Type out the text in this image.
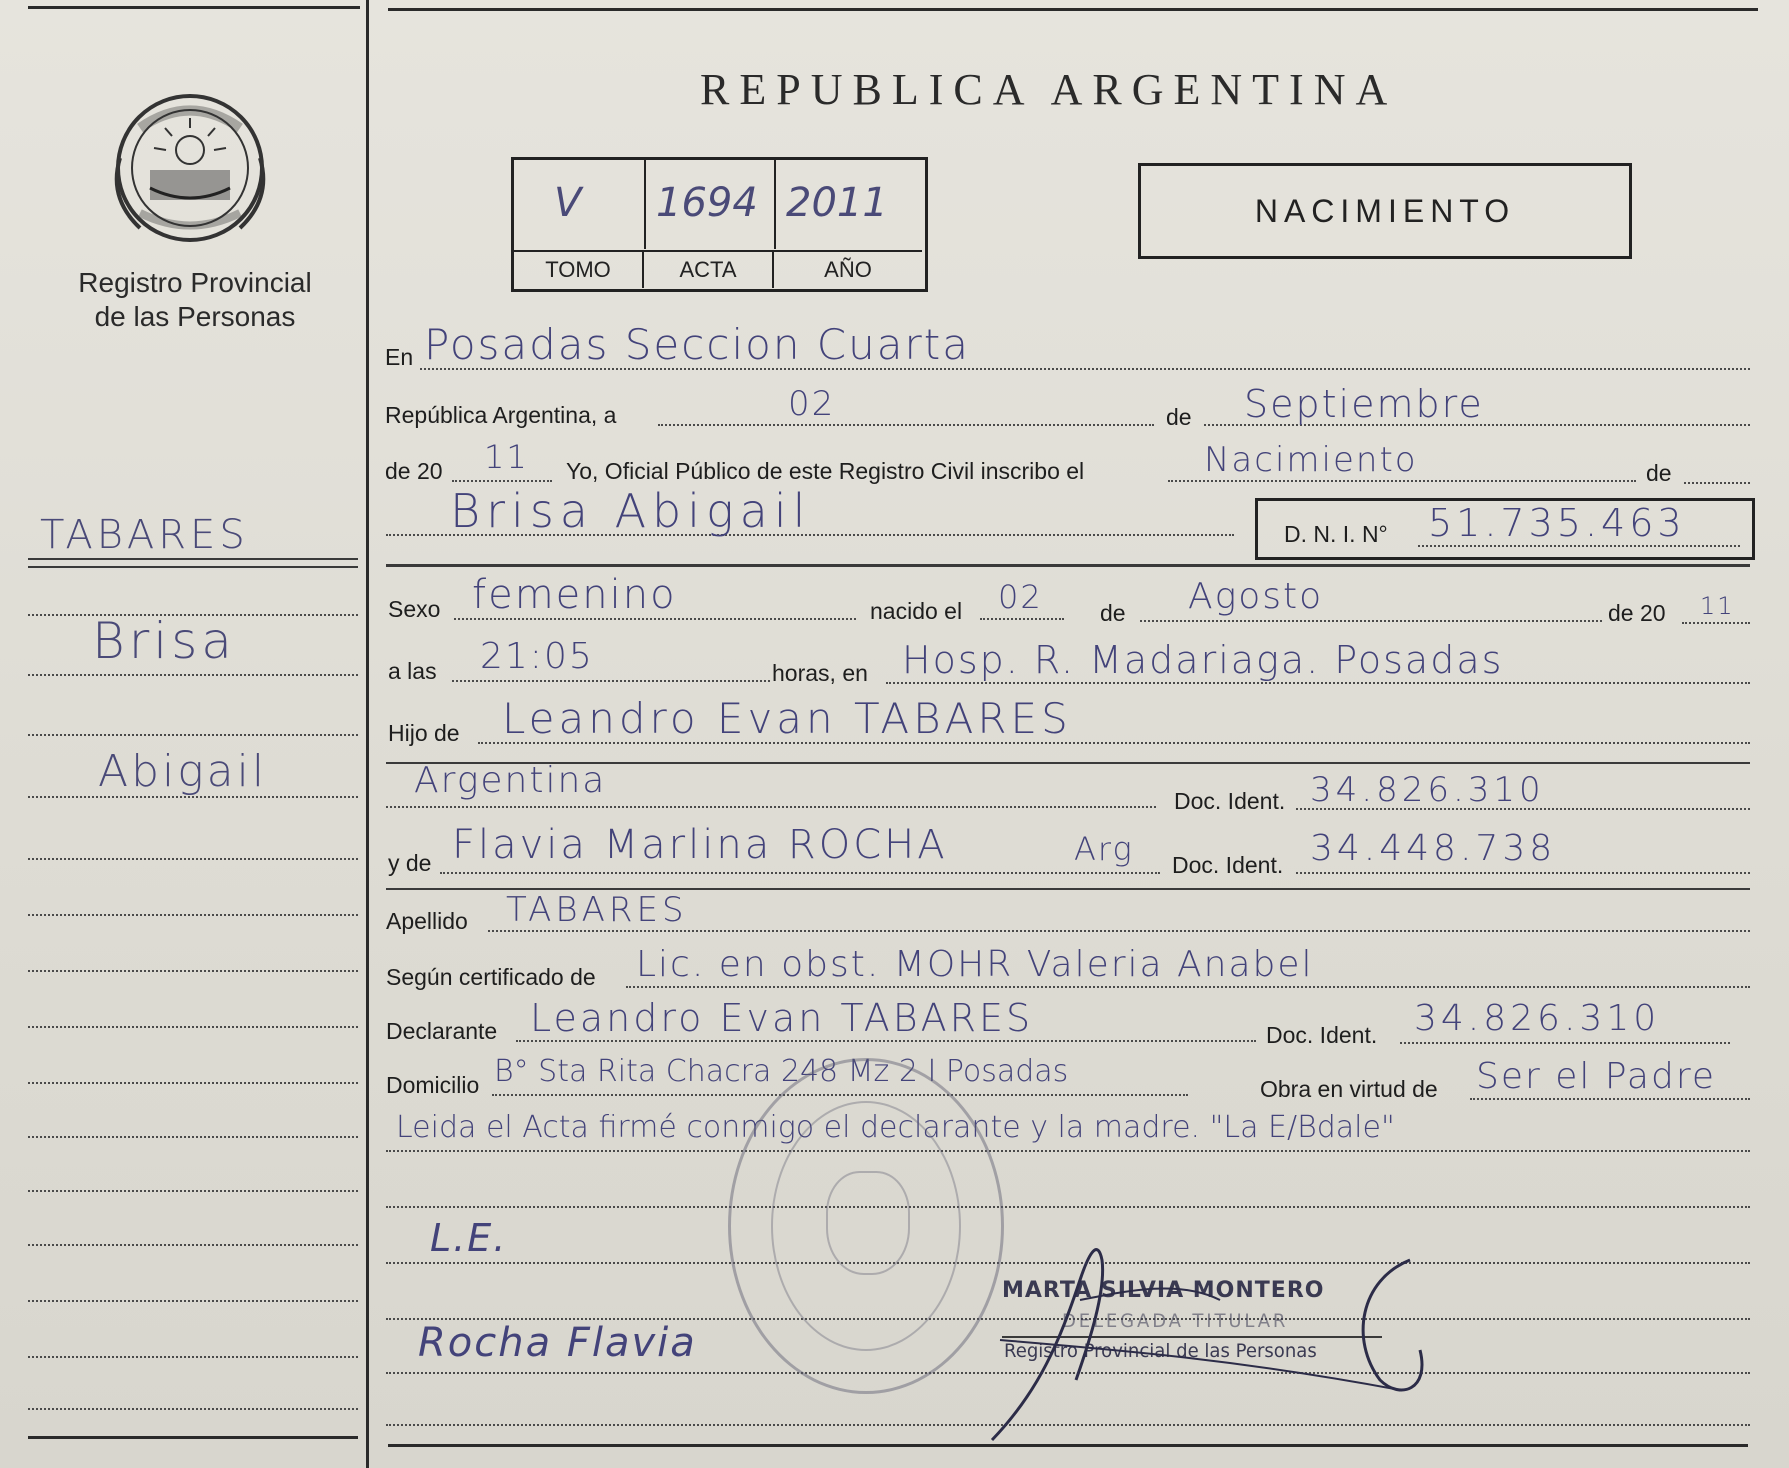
Registro Provincial
de las Personas
TABARES
Brisa
Abigail
REPUBLICA ARGENTINA
V 1694 2011
TOMO	ACTA	AÑO
NACIMIENTO
En Posadas Seccion Cuarta
República Argentina, a	02	de Septiembre
de 20 11 Yo, Oficial Público de este Registro Civil inscribo el	Nacimiento	de
Brisa Abigail	D. N. I. N° 51.735.463
Sexo femenino	nacido el 02 de Agosto	de 20 11
a las 21:05	horas, en Hosp. R. Madariaga. Posadas
Hijo de Leandro Evan TABARES
Argentina	Doc. Ident. 34.826.310
y de Flavia Marlina ROCHA	Arg Doc. Ident. 34.448.738
Apellido TABARES
Según certificado de Lic. en obst. MOHR Valeria Anabel
Declarante Leandro Evan TABARES	Doc. Ident. 34.826.310
Domicilio B° Sta Rita Chacra 248 Mz 2 I Posadas	Obra en virtud de Ser el Padre
Leida el Acta firmé conmigo el declarante y la madre. "La E/Bdale"
L.E.
Rocha Flavia
MARTA SILVIA MONTERO
DELEGADA TITULAR
Registro Provincial de las Personas
